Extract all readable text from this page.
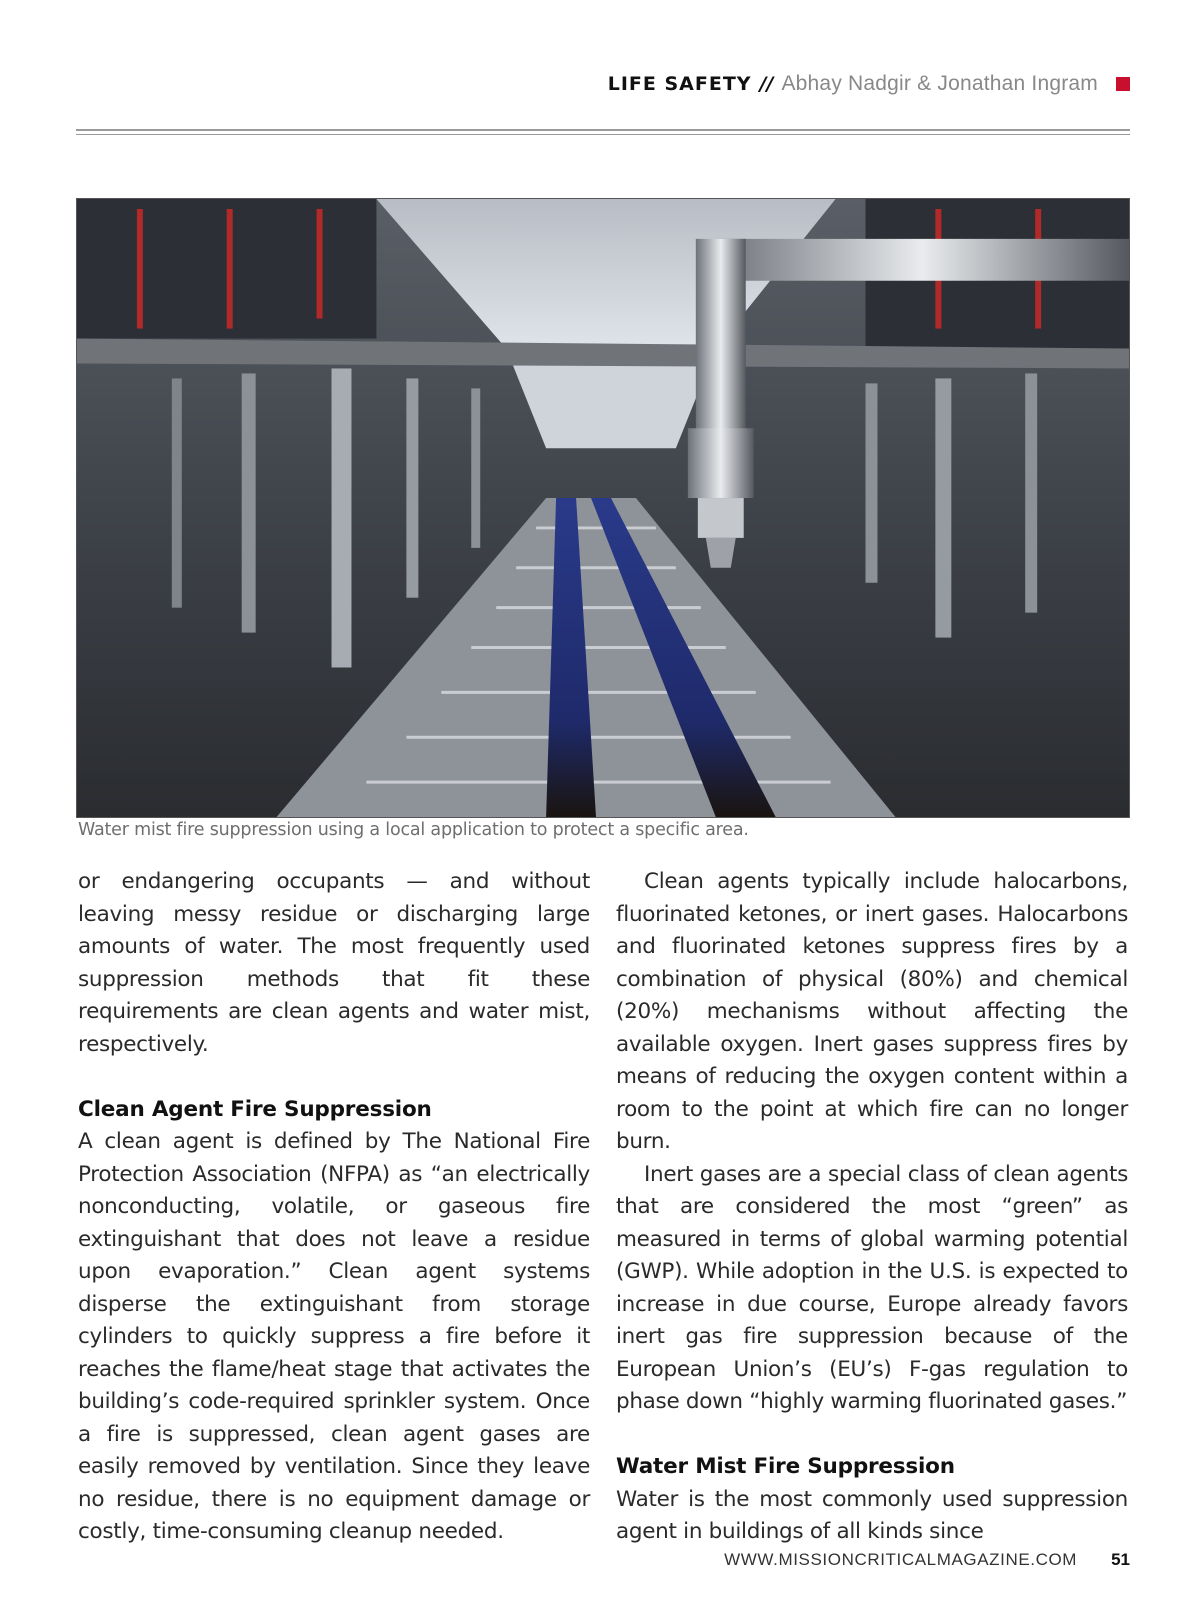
LIFE SAFETY // Abhay Nadgir & Jonathan Ingram
Water mist fire suppression using a local application to protect a specific area.

or endangering occupants — and without leaving messy residue or discharging large amounts of water. The most frequently used suppression methods that fit these requirements are clean agents and water mist, respectively.

Clean Agent Fire Suppression

A clean agent is defined by The National Fire Protection Association (NFPA) as “an electrically nonconducting, volatile, or gaseous fire extinguishant that does not leave a residue upon evaporation.” Clean agent systems disperse the extinguishant from storage cylinders to quickly suppress a fire before it reaches the flame/heat stage that activates the building’s code-required sprinkler system. Once a fire is suppressed, clean agent gases are easily removed by ventilation. Since they leave no residue, there is no equipment damage or costly, time-consuming cleanup needed.

Clean agents typically include halocarbons, fluorinated ketones, or inert gases. Halocarbons and fluorinated ketones suppress fires by a combination of physical (80%) and chemical (20%) mechanisms without affecting the available oxygen. Inert gases suppress fires by means of reducing the oxygen content within a room to the point at which fire can no longer burn.

Inert gases are a special class of clean agents that are considered the most “green” as measured in terms of global warming potential (GWP). While adoption in the U.S. is expected to increase in due course, Europe already favors inert gas fire suppression because of the European Union’s (EU’s) F-gas regulation to phase down “highly warming fluorinated gases.”

Water Mist Fire Suppression

Water is the most commonly used suppression agent in buildings of all kinds since

WWW.MISSIONCRITICALMAGAZINE.COM 51
